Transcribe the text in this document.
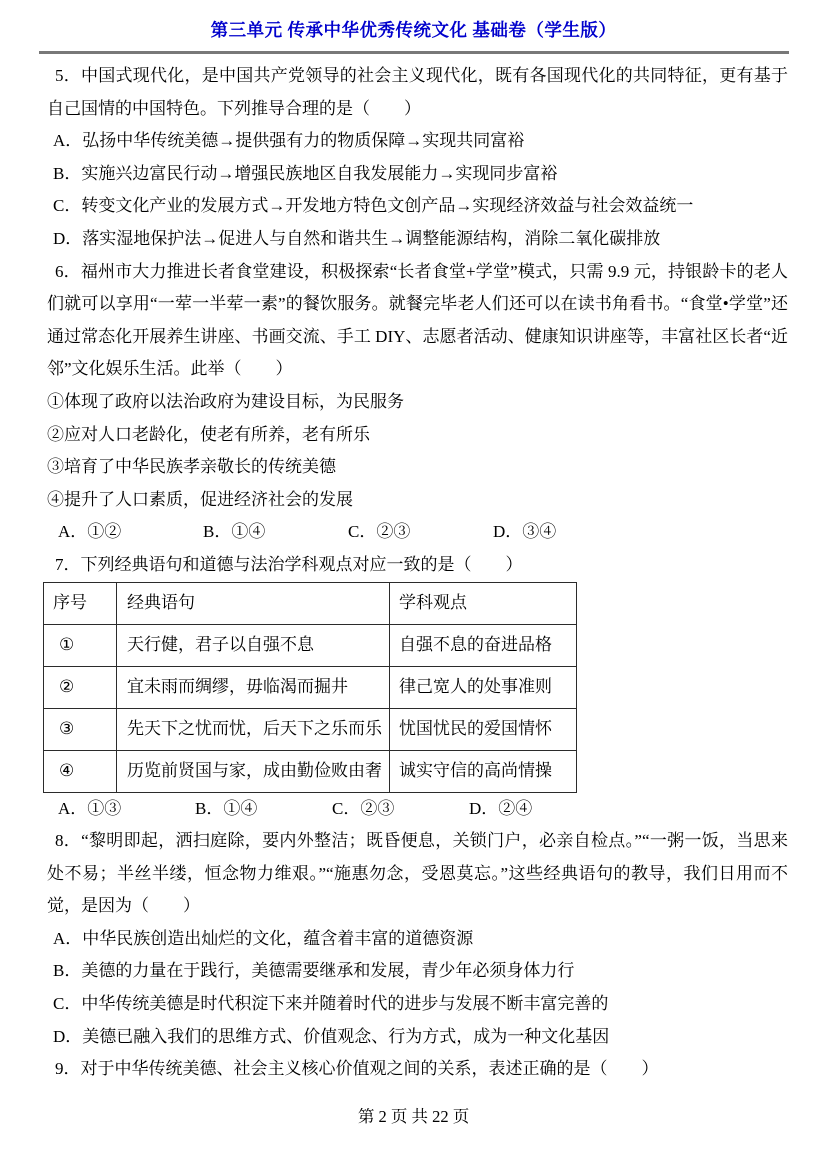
第三单元 传承中华优秀传统文化 基础卷（学生版）

5．中国式现代化，是中国共产党领导的社会主义现代化，既有各国现代化的共同特征，更有基于自己国情的中国特色。下列推导合理的是（　　）

A．弘扬中华传统美德→提供强有力的物质保障→实现共同富裕

B．实施兴边富民行动→增强民族地区自我发展能力→实现同步富裕

C．转变文化产业的发展方式→开发地方特色文创产品→实现经济效益与社会效益统一

D．落实湿地保护法→促进人与自然和谐共生→调整能源结构，消除二氧化碳排放

6．福州市大力推进长者食堂建设，积极探索“长者食堂+学堂”模式，只需 9.9 元，持银龄卡的老人们就可以享用“一荤一半荤一素”的餐饮服务。就餐完毕老人们还可以在读书角看书。“食堂•学堂”还通过常态化开展养生讲座、书画交流、手工 DIY、志愿者活动、健康知识讲座等，丰富社区长者“近邻”文化娱乐生活。此举（　　）

①体现了政府以法治政府为建设目标，为民服务

②应对人口老龄化，使老有所养，老有所乐

③培育了中华民族孝亲敬长的传统美德

④提升了人口素质，促进经济社会的发展

A．①②	B．①④	C．②③	D．③④

7．下列经典语句和道德与法治学科观点对应一致的是（　　）

序号	经典语句	学科观点
①	天行健，君子以自强不息	自强不息的奋进品格
②	宜未雨而绸缪，毋临渴而掘井	律己宽人的处事准则
③	先天下之忧而忧，后天下之乐而乐	忧国忧民的爱国情怀
④	历览前贤国与家，成由勤俭败由奢	诚实守信的高尚情操

A．①③	B．①④	C．②③	D．②④

8．“黎明即起，洒扫庭除，要内外整洁；既昏便息，关锁门户，必亲自检点。”“一粥一饭，当思来处不易；半丝半缕，恒念物力维艰。”“施惠勿念，受恩莫忘。”这些经典语句的教导，我们日用而不觉，是因为（　　）

A．中华民族创造出灿烂的文化，蕴含着丰富的道德资源

B．美德的力量在于践行，美德需要继承和发展，青少年必须身体力行

C．中华传统美德是时代积淀下来并随着时代的进步与发展不断丰富完善的

D．美德已融入我们的思维方式、价值观念、行为方式，成为一种文化基因

9．对于中华传统美德、社会主义核心价值观之间的关系，表述正确的是（　　）

第 2 页 共 22 页
